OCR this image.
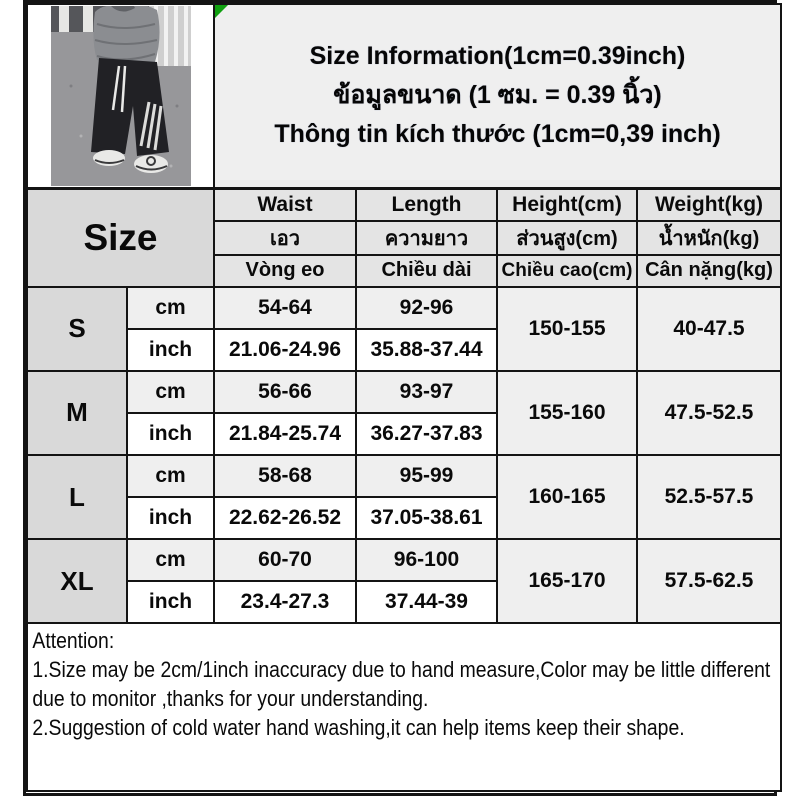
Size Information(1cm=0.39inch)
ข้อมูลขนาด (1 ซม. = 0.39 นิ้ว)
Thông tin kích thước (1cm=0,39 inch)			

Size		Waist	Length	Height(cm)	Weight(kg)
		เอว	ความยาว	ส่วนสูง(cm)	น้ำหนัก(kg)
		Vòng eo	Chiều dài	Chiều cao(cm)	Cân nặng(kg)
S	cm	54-64	92-96	150-155	40-47.5
	inch	21.06-24.96	35.88-37.44		
M	cm	56-66	93-97	155-160	47.5-52.5
	inch	21.84-25.74	36.27-37.83		
L	cm	58-68	95-99	160-165	52.5-57.5
	inch	22.62-26.52	37.05-38.61		
XL	cm	60-70	96-100	165-170	57.5-62.5
	inch	23.4-27.3	37.44-39		

Attention:
1.Size may be 2cm/1inch inaccuracy due to hand measure,Color may be little different due to monitor ,thanks for your understanding.
2.Suggestion of cold water hand washing,it can help items keep their shape.					
